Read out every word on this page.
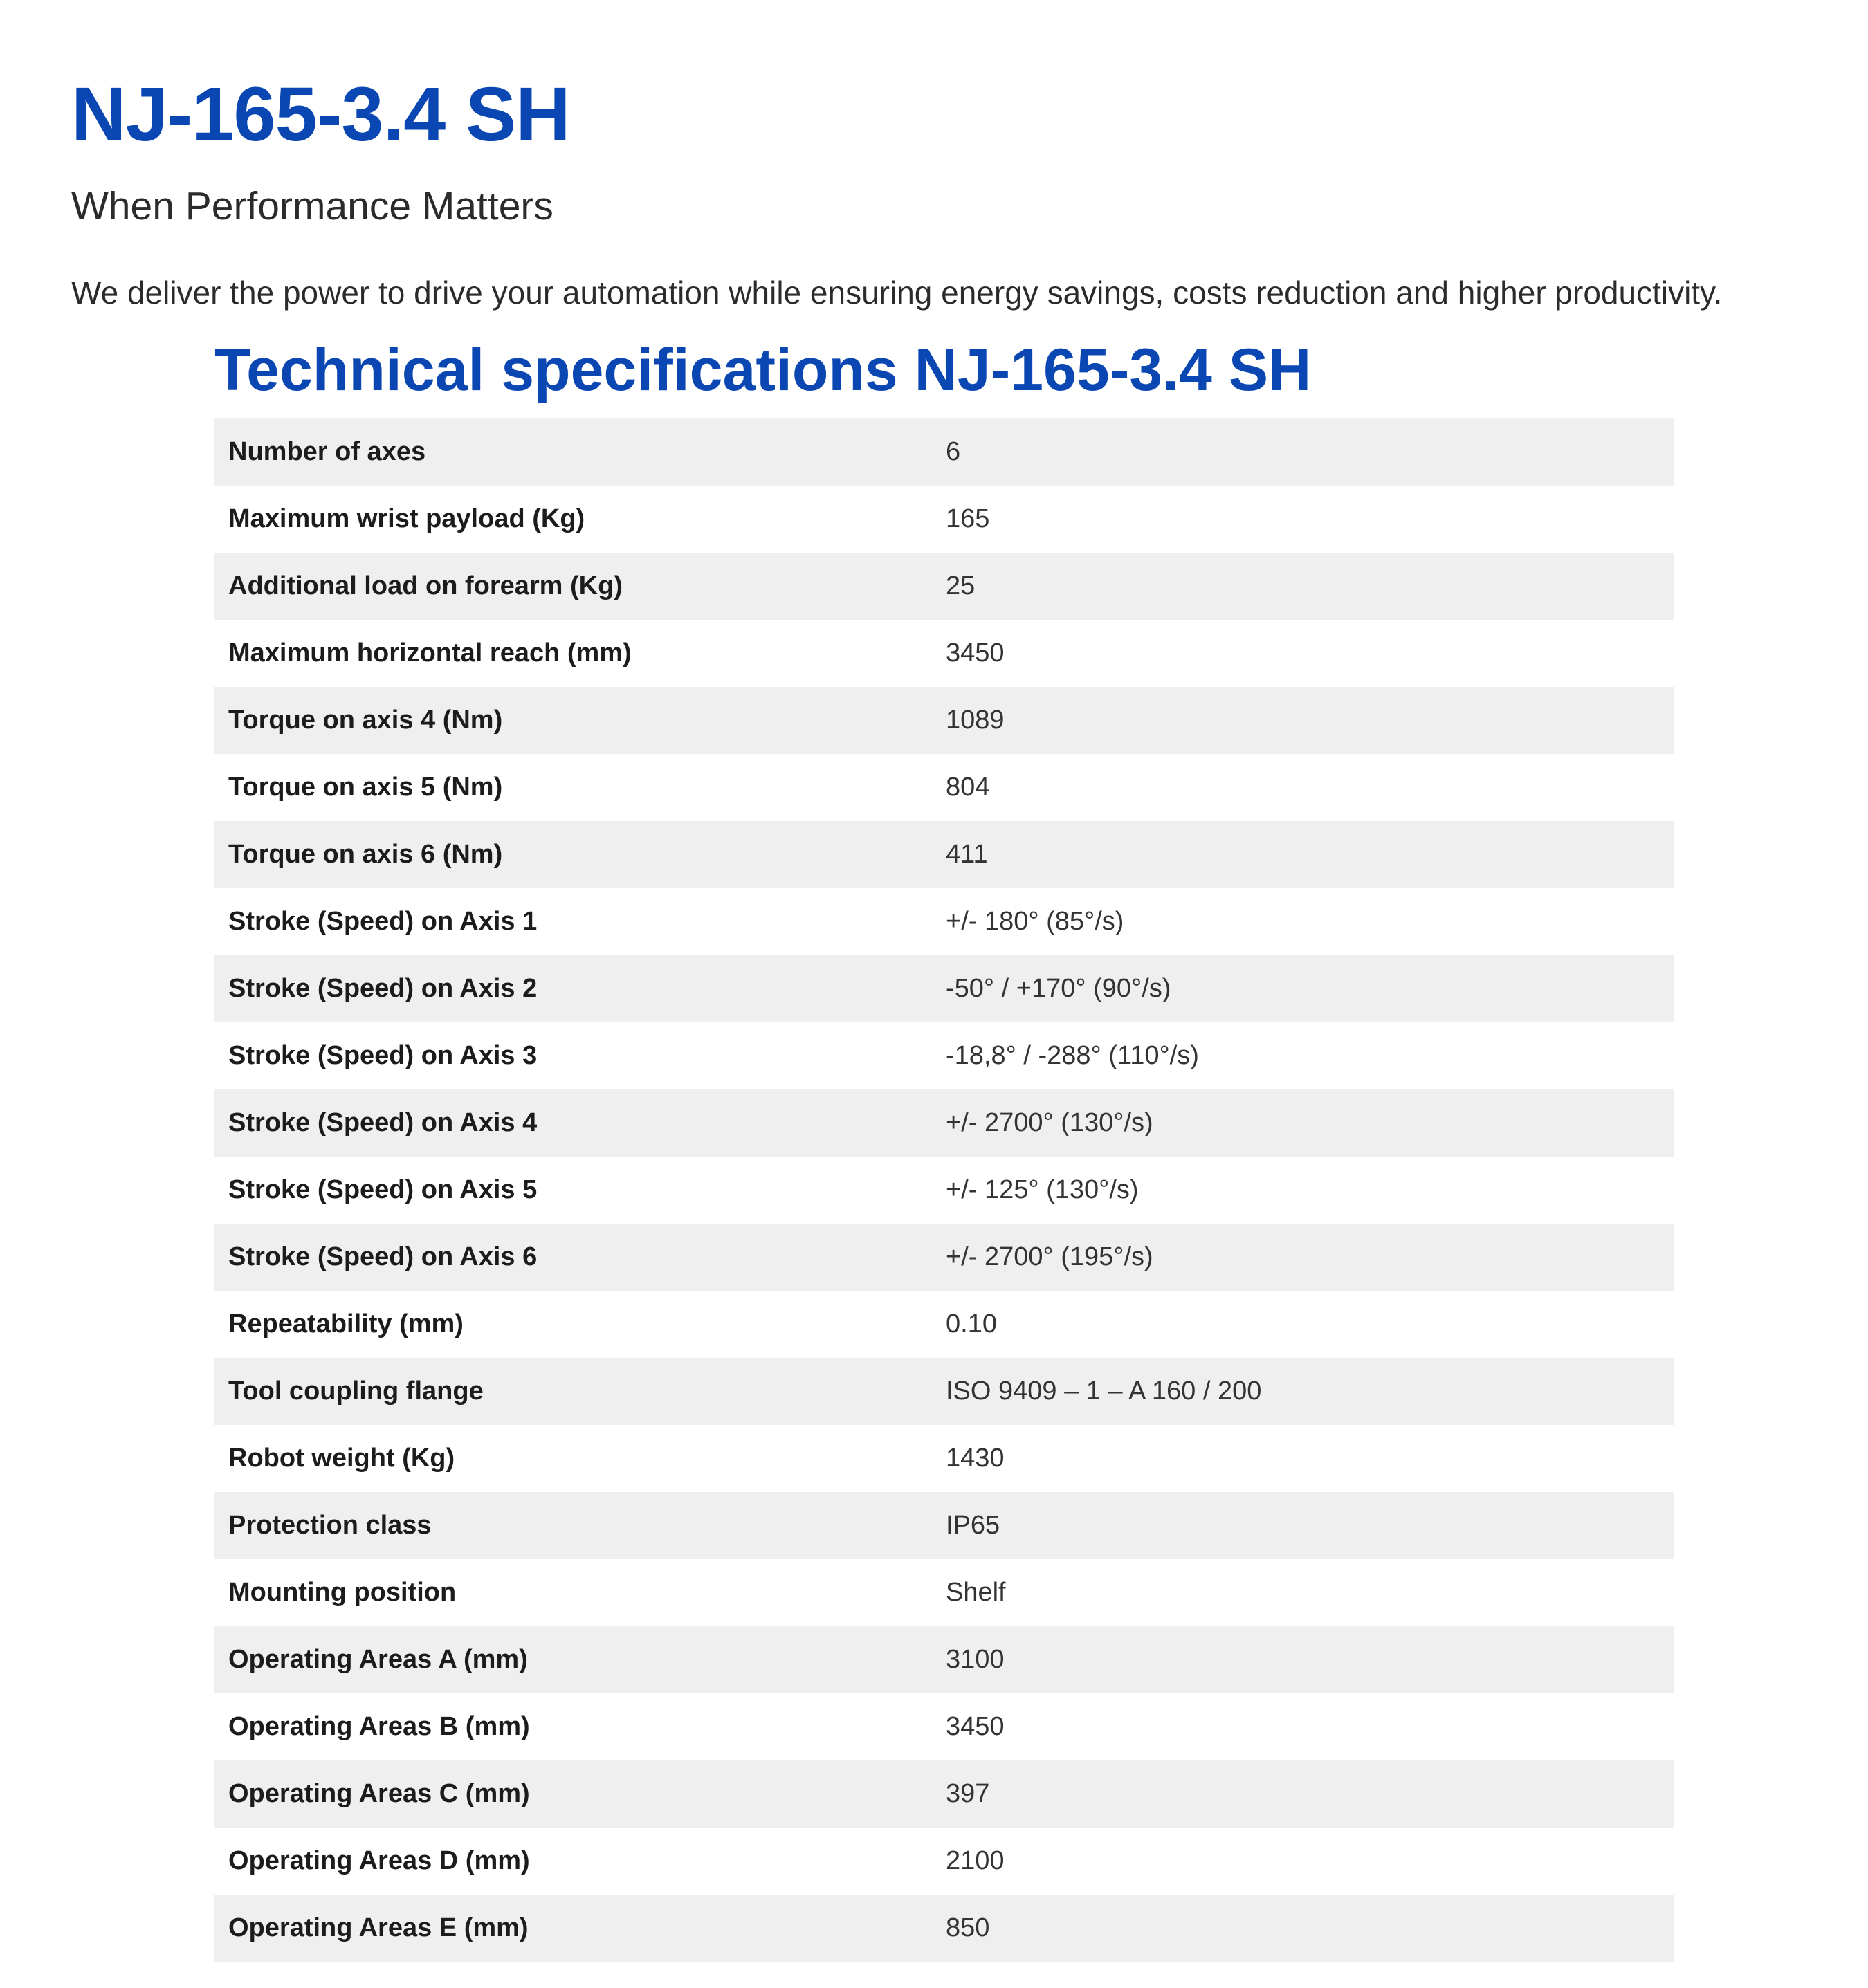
NJ-165-3.4 SH

When Performance Matters

We deliver the power to drive your automation while ensuring energy savings, costs reduction and higher productivity.

Technical specifications NJ-165-3.4 SH
Number of axes	6
Maximum wrist payload (Kg)	165
Additional load on forearm (Kg)	25
Maximum horizontal reach (mm)	3450
Torque on axis 4 (Nm)	1089
Torque on axis 5 (Nm)	804
Torque on axis 6 (Nm)	411
Stroke (Speed) on Axis 1	+/- 180° (85°/s)
Stroke (Speed) on Axis 2	-50° / +170° (90°/s)
Stroke (Speed) on Axis 3	-18,8° / -288° (110°/s)
Stroke (Speed) on Axis 4	+/- 2700° (130°/s)
Stroke (Speed) on Axis 5	+/- 125° (130°/s)
Stroke (Speed) on Axis 6	+/- 2700° (195°/s)
Repeatability (mm)	0.10
Tool coupling flange	ISO 9409 – 1 – A 160 / 200
Robot weight (Kg)	1430
Protection class	IP65
Mounting position	Shelf
Operating Areas A (mm)	3100
Operating Areas B (mm)	3450
Operating Areas C (mm)	397
Operating Areas D (mm)	2100
Operating Areas E (mm)	850
